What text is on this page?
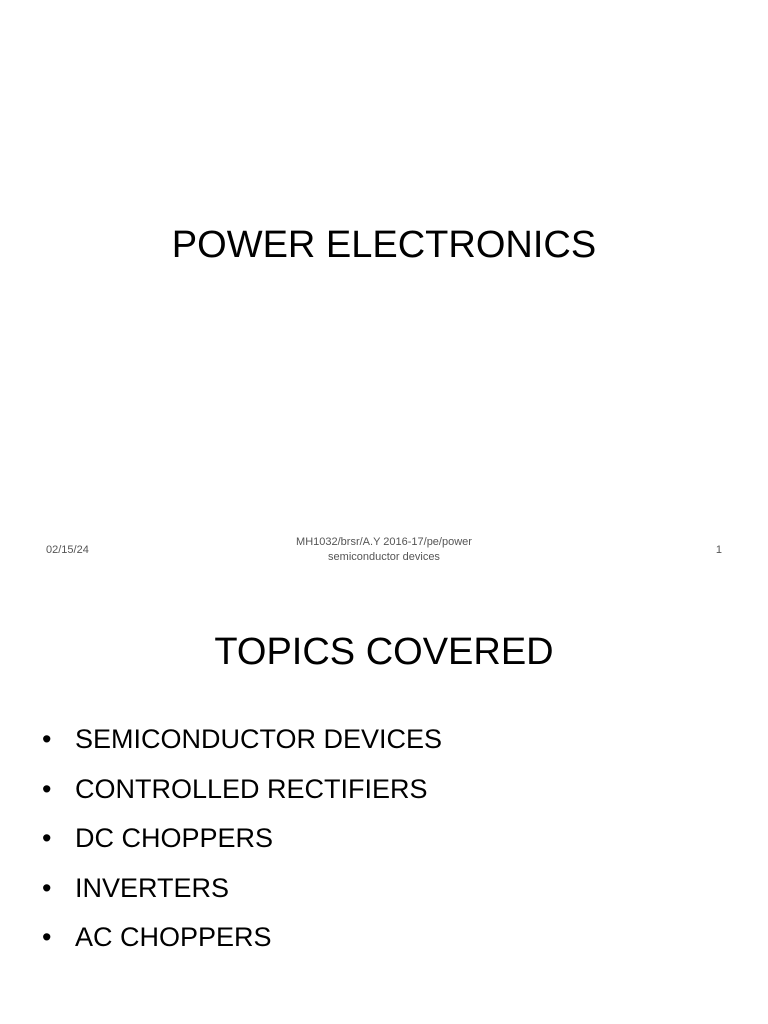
POWER ELECTRONICS
02/15/24
MH1032/brsr/A.Y 2016-17/pe/power
semiconductor devices
1
TOPICS COVERED
• SEMICONDUCTOR DEVICES
• CONTROLLED RECTIFIERS
• DC CHOPPERS
• INVERTERS
• AC CHOPPERS
